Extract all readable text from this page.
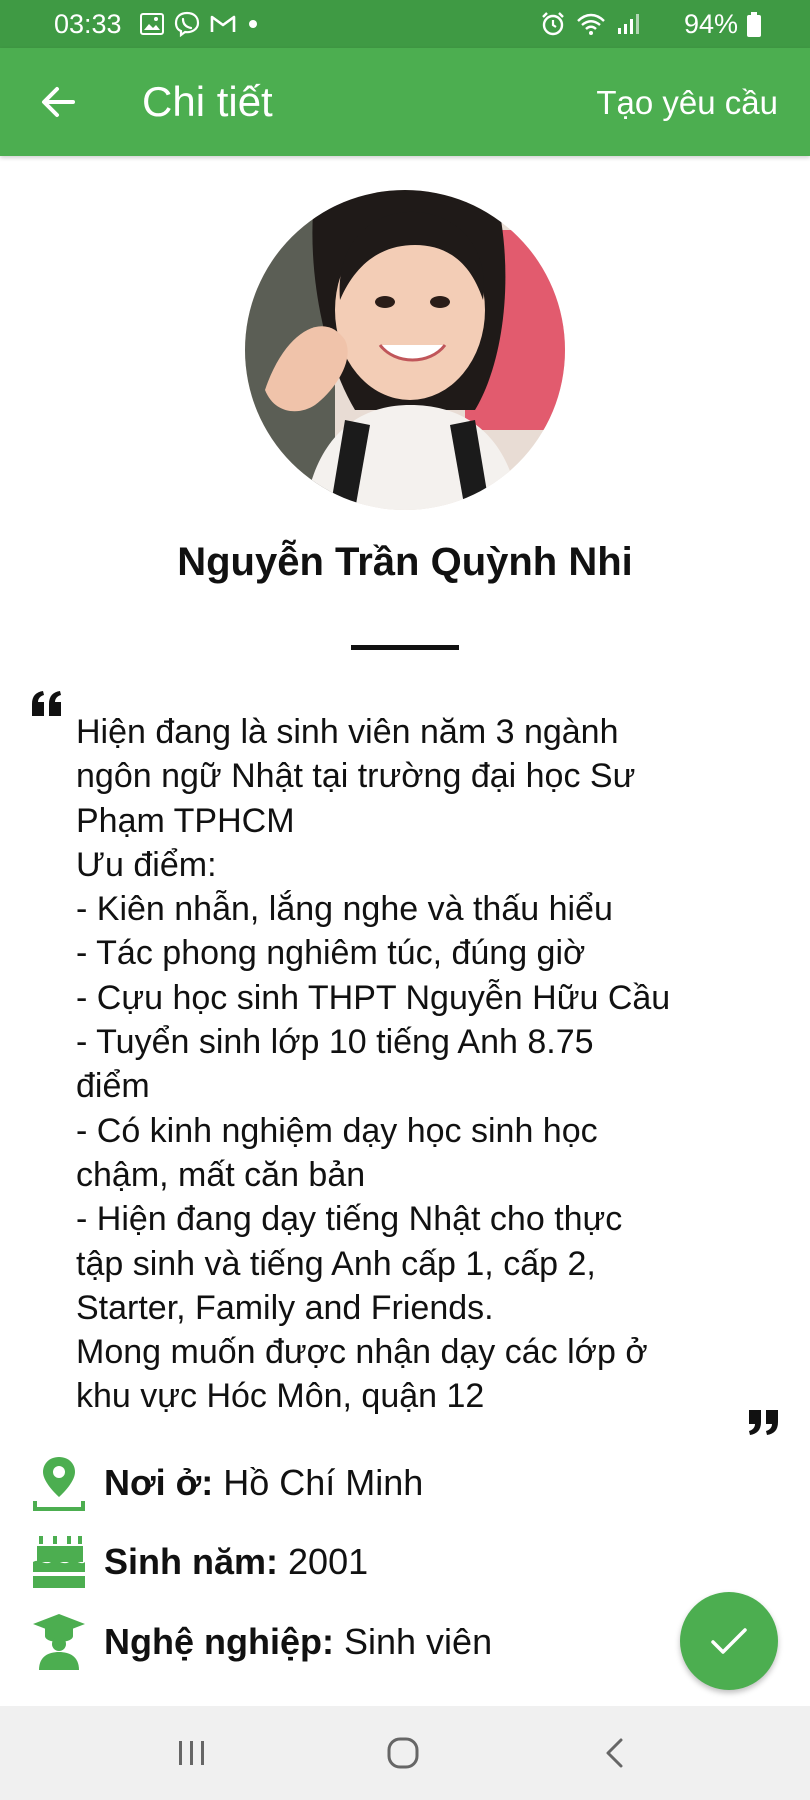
03:33	94%
Chi tiết	Tạo yêu cầu
Nguyễn Trần Quỳnh Nhi
Hiện đang là sinh viên năm 3 ngành
ngôn ngữ Nhật tại trường đại học Sư
Phạm TPHCM
Ưu điểm:
- Kiên nhẫn, lắng nghe và thấu hiểu
- Tác phong nghiêm túc, đúng giờ
- Cựu học sinh THPT Nguyễn Hữu Cầu
- Tuyển sinh lớp 10 tiếng Anh 8.75
điểm
- Có kinh nghiệm dạy học sinh học
chậm, mất căn bản
- Hiện đang dạy tiếng Nhật cho thực
tập sinh và tiếng Anh cấp 1, cấp 2,
Starter, Family and Friends.
Mong muốn được nhận dạy các lớp ở
khu vực Hóc Môn, quận 12
Nơi ở: Hồ Chí Minh
Sinh năm: 2001
Nghệ nghiệp: Sinh viên
